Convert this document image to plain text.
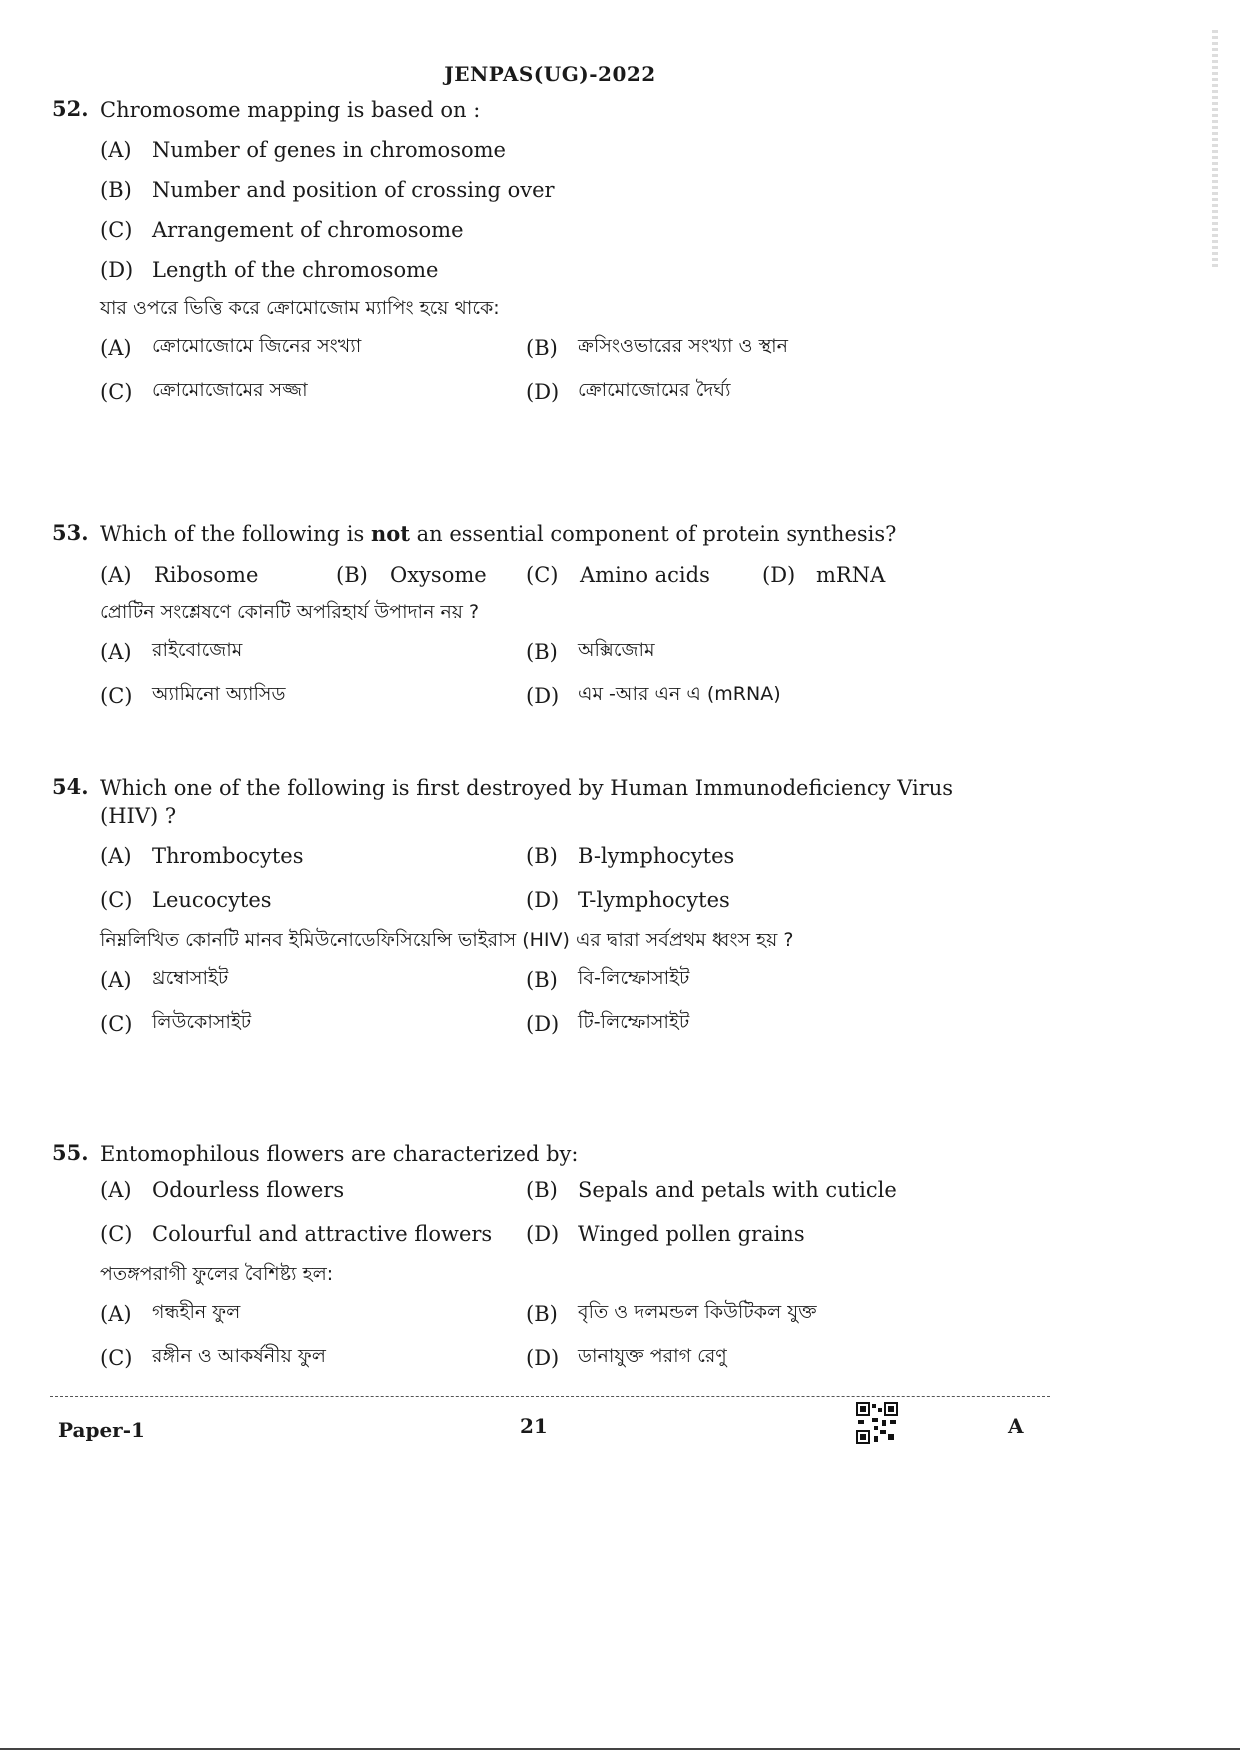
JENPAS(UG)-2022
52. Chromosome mapping is based on :
(A) Number of genes in chromosome
(B) Number and position of crossing over
(C) Arrangement of chromosome
(D) Length of the chromosome
যার ওপরে ভিত্তি করে ক্রোমোজোম ম্যাপিং হয়ে থাকে:
(A)	ক্রোমোজোমে জিনের সংখ্যা	(B)	ক্রসিংওভারের সংখ্যা ও স্থান
(C)	ক্রোমোজোমের সজ্জা	(D) ক্রোমোজোমের দৈর্ঘ্য
53. Which of the following is not an essential component of protein synthesis?
(A)	Ribosome	(B)	Oxysome (C)	Amino acids (D) mRNA
প্রোটিন সংশ্লেষণে কোনটি অপরিহার্য উপাদান নয় ?
(A)	রাইবোজোম	(B)	অক্সিজোম
(C)	অ্যামিনো অ্যাসিড	(D) এম -আর এন এ (mRNA)
54. Which one of the following is first destroyed by Human Immunodeficiency Virus (HIV) ?
(A) Thrombocytes	(B) B-lymphocytes
(C) Leucocytes	(D) T-lymphocytes
নিম্নলিখিত কোনটি মানব ইমিউনোডেফিসিয়েন্সি ভাইরাস (HIV) এর দ্বারা সর্বপ্রথম ধ্বংস হয় ?
(A)	থ্রম্বোসাইট	(B)	বি-লিম্ফোসাইট
(C)	লিউকোসাইট	(D) টি-লিম্ফোসাইট
55. Entomophilous flowers are characterized by:
(A) Odourless flowers	(B) Sepals and petals with cuticle
(C) Colourful and attractive flowers (D) Winged pollen grains
পতঙ্গপরাগী ফুলের বৈশিষ্ট্য হল:
(A)	গন্ধহীন ফুল	(B)	বৃতি ও দলমন্ডল কিউটিকল যুক্ত
(C)	রঙ্গীন ও আকর্ষনীয় ফুল	(D) ডানাযুক্ত পরাগ রেণু
Paper-1	21	A
